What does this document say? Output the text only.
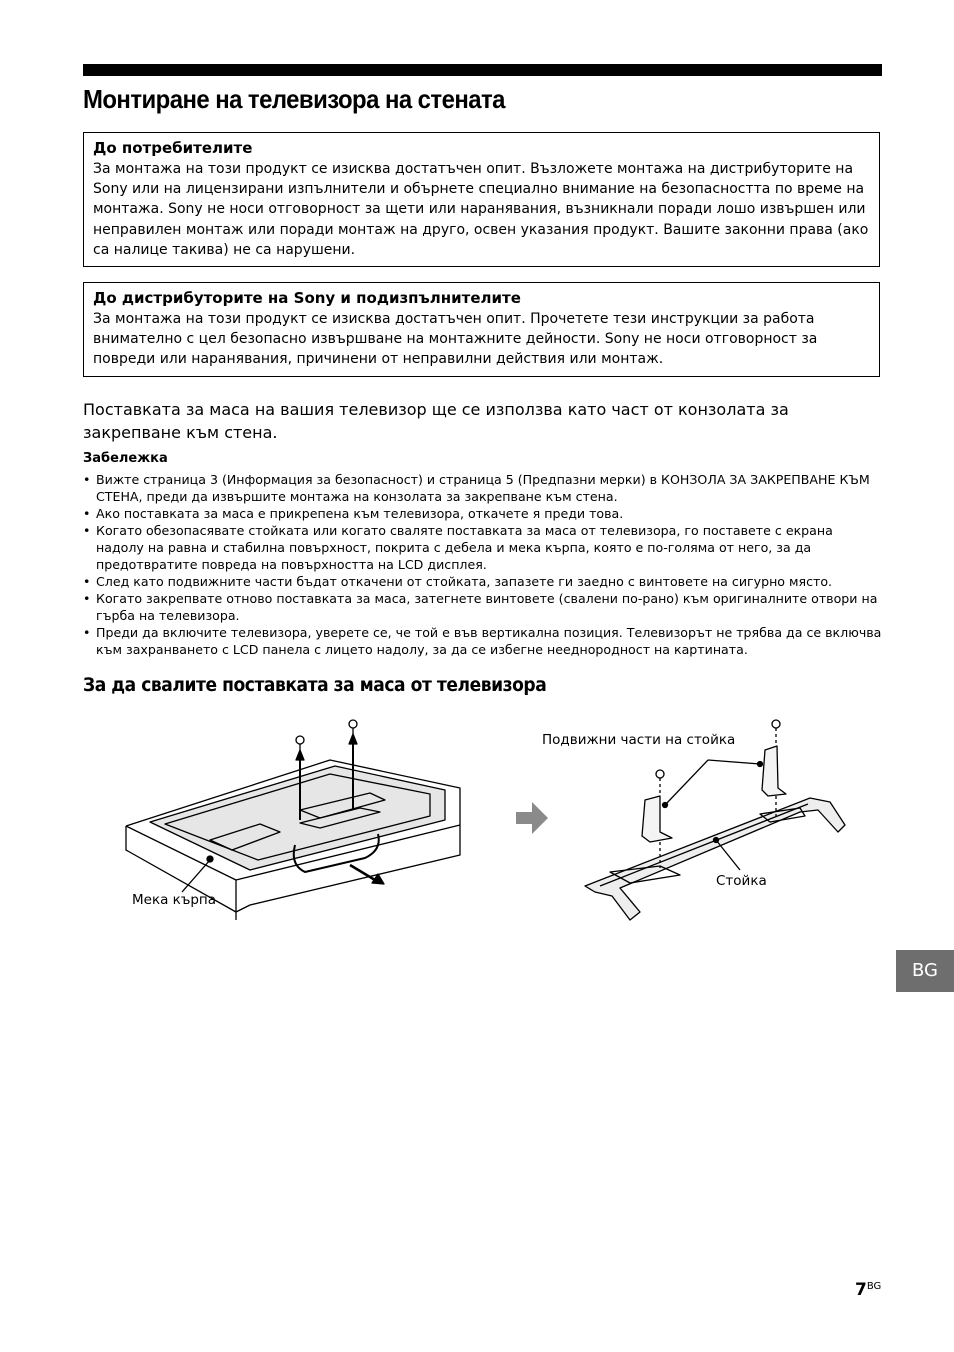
Монтиране на телевизора на стената
До потребителите

За монтажа на този продукт се изисква достатъчен опит. Възложете монтажа на дистрибуторите на Sony или на лицензирани изпълнители и обърнете специално внимание на безопасността по време на монтажа. Sony не носи отговорност за щети или наранявания, възникнали поради лошо извършен или неправилен монтаж или поради монтаж на друго, освен указания продукт. Вашите законни права (ако са налице такива) не са нарушени.

До дистрибуторите на Sony и подизпълнителите

За монтажа на този продукт се изисква достатъчен опит. Прочетете тези инструкции за работа внимателно с цел безопасно извършване на монтажните дейности. Sony не носи отговорност за повреди или наранявания, причинени от неправилни действия или монтаж.

Поставката за маса на вашия телевизор ще се използва като част от конзолата за закрепване към стена.

Забележка
• Вижте страница 3 (Информация за безопасност) и страница 5 (Предпазни мерки) в КОНЗОЛА ЗА ЗАКРЕПВАНЕ КЪМ СТЕНА, преди да извършите монтажа на конзолата за закрепване към стена.
• Ако поставката за маса е прикрепена към телевизора, откачете я преди това.
• Когато обезопасявате стойката или когато сваляте поставката за маса от телевизора, го поставете с екрана надолу на равна и стабилна повърхност, покрита с дебела и мека кърпа, която е по-голяма от него, за да предотвратите повреда на повърхността на LCD дисплея.
• След като подвижните части бъдат откачени от стойката, запазете ги заедно с винтовете на сигурно място.
• Когато закрепвате отново поставката за маса, затегнете винтовете (свалени по-рано) към оригиналните отвори на гърба на телевизора.
• Преди да включите телевизора, уверете се, че той е във вертикална позиция. Телевизорът не трябва да се включва към захранването с LCD панела с лицето надолу, за да се избегне нееднородност на картината.
За да свалите поставката за маса от телевизора
Мека кърпа
Подвижни части на стойка
Стойка
BG
$7^{BG}$
